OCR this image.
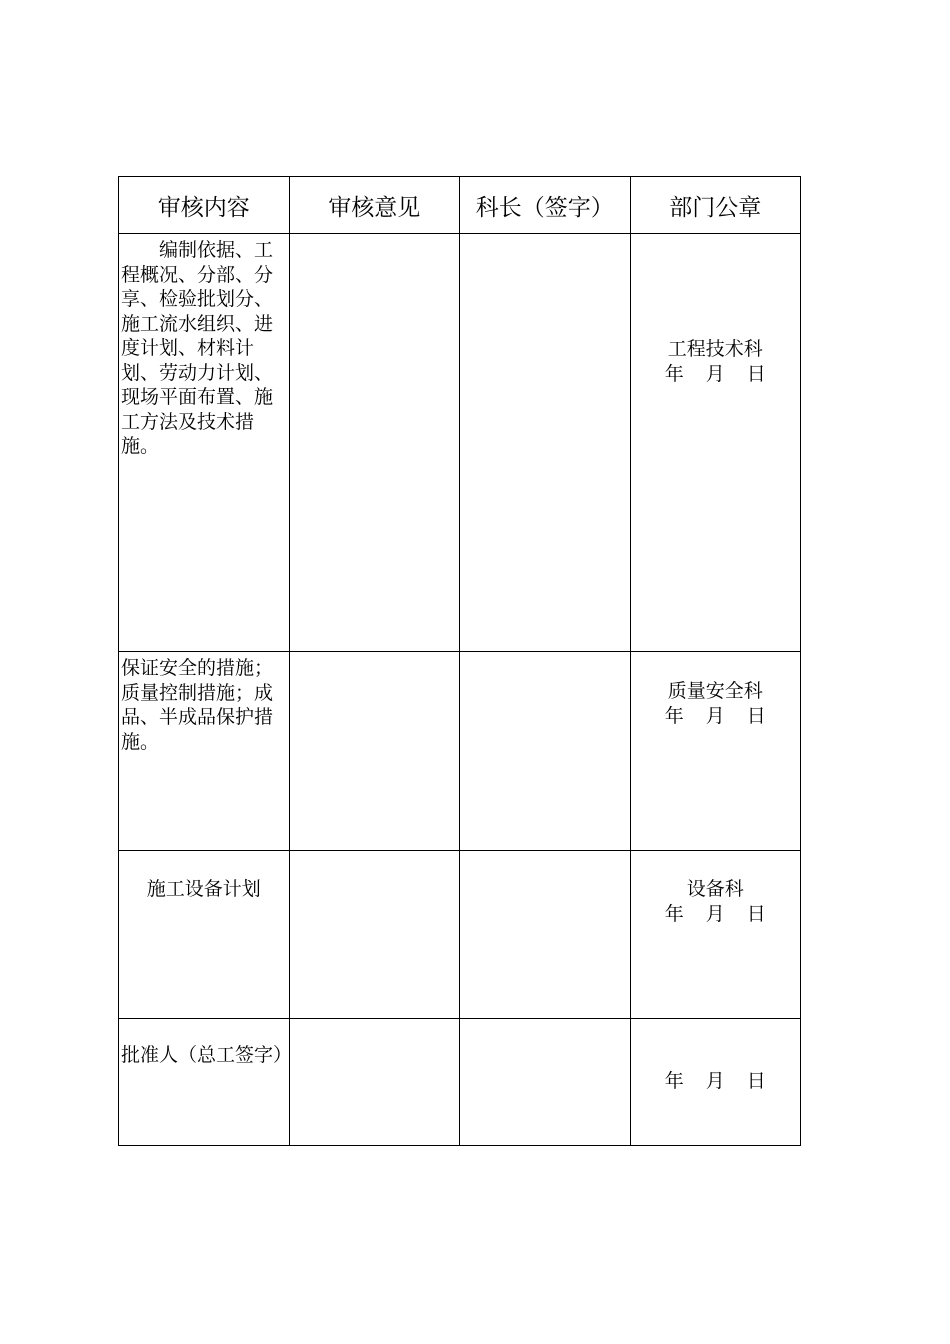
审核内容	审核意见	科长（签字）	部门公章
编制依据、工程概况、分部、分享、检验批划分、施工流水组织、进度计划、材料计划、劳动力计划、现场平面布置、施工方法及技术措施。			工程技术科
年 月 日

保证安全的措施；质量控制措施；成品、半成品保护措施。			质量安全科
年 月 日

施工设备计划			设备科
年 月 日

批准人（总工签字）			年 月 日
